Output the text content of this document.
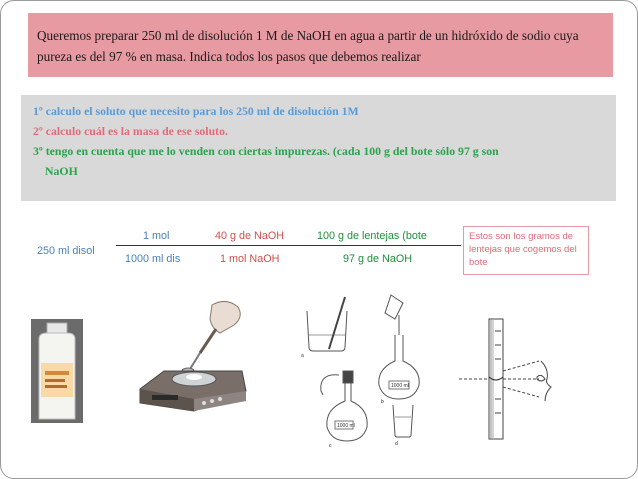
Queremos preparar 250 ml de disolución 1 M de NaOH en agua a partir de un hidróxido de sodio cuya pureza es del 97 % en masa. Indica todos los pasos que debemos realizar
1º calculo el soluto que necesito para los 250 ml de disolución 1M
2º calculo cuál es la masa de ese soluto.
3º tengo en cuenta que me lo venden con ciertas impurezas. (cada 100 g del bote sólo 97 g son
NaOH
250 ml disol
1 mol
1000 ml dis
40 g de NaOH
1 mol NaOH
100 g de lentejas (bote
97 g de NaOH
Estos son los gramos de lentejas que cogemos del bote
a
b
c	d
1000 ml
1000 ml
